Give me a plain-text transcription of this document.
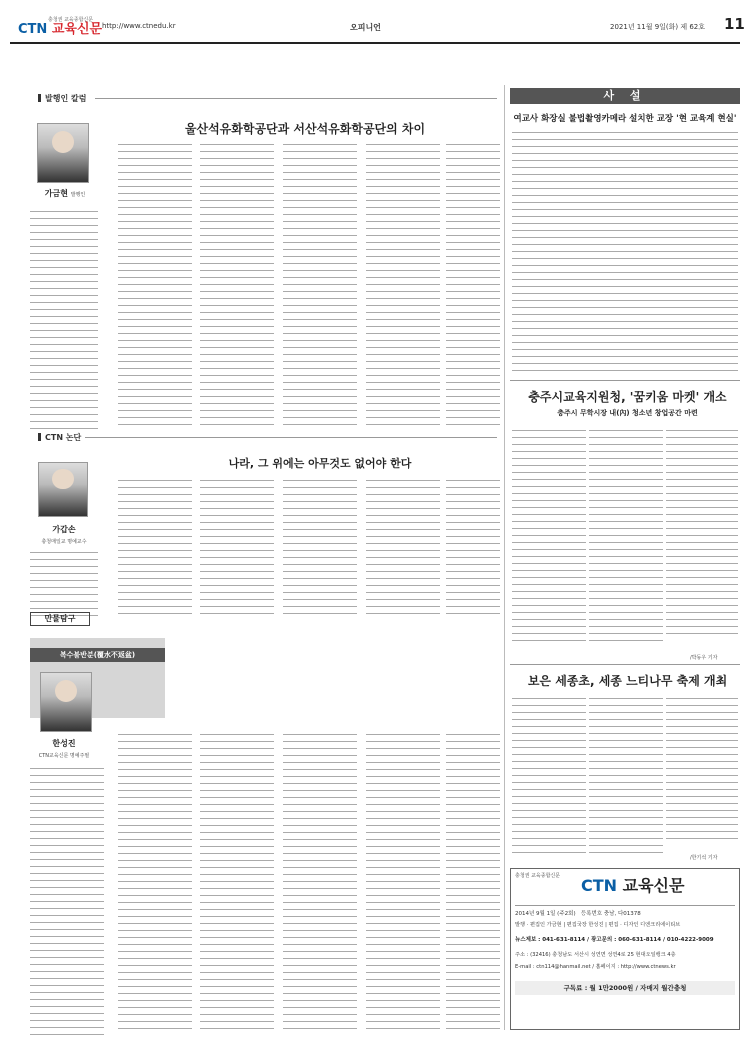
CTN 교육신문
충청권 교육종합신문
http://www.ctnedu.kr	오피니언	2021년 11월 9일(화) 제 62호 11
발행인 칼럼
울산석유화학공단과 서산석유화학공단의 차이
가금현 발행인
CTN 논단
나라, 그 위에는 아무것도 없어야 한다
가갑손
충청매일교 명예교수
만물탐구
복수불반분(覆水不返盆)
한성진
CTN교육신문 명예주필
사 설
여교사 화장실 불법촬영카메라 설치한 교장 '현 교육계 현실'
충주시교육지원청, '꿈키움 마켓' 개소
충주시 무학시장 내(內) 청소년 창업공간 마련
/박동우 기자
보은 세종초, 세종 느티나무 축제 개최
/한기석 기자
충청권 교육종합신문	CTN 교육신문
2014년 9월 1일 (주2회) 등록번호 충남, 다01378
발행 · 편집인 가금현 | 편집국장 한성진 | 편집 · 디자인 디엔크리에이티브
뉴스제보 : 041-631-8114 / 광고문의 : 060-631-8114 / 010-4222-9009
주소 : (32416) 충청남도 서산시 성연면 성연4로 25 현대오일뱅크 4층
E-mail : ctn114@hanmail.net / 홈페이지 : http://www.ctnews.kr
구독료 : 월 1만2000원 / 자매지 월간충청
